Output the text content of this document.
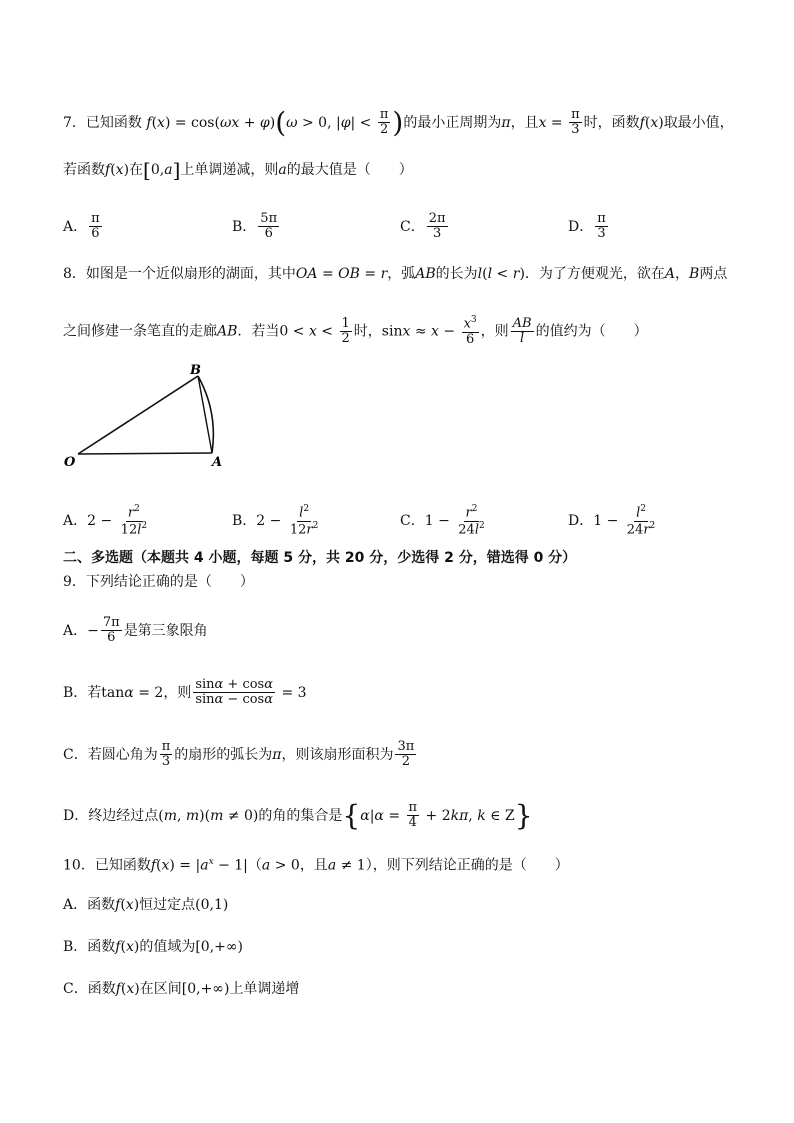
7．已知函数 f(x) = cos(ωx + φ)(ω > 0, $|\varphi| < \frac{\pi}{2}$ )的最小正周期为π，且$x = \frac{\pi}{3}$ 时，函数f(x)取最小值，
若函数f(x)在[0,a]上单调递减，则a的最大值是（　　）
A． $\frac{\pi}{6}$	B． $\frac{5\pi}{6}$	C． $\frac{2\pi}{3}$	D． $\frac{\pi}{3}$
8．如图是一个近似扇形的湖面，其中OA = OB = r，弧AB的长为l(l < r)．为了方便观光，欲在A，B两点
之间修建一条笔直的走廊AB．若当$0 < x < \frac{1}{2}$ 时，$\sin x \approx x - \frac{x^3}{6}$ ，则 $\frac{AB}{l}$ 的值约为（　　）
O	A
B
A．$2 - \frac{r^2}{12l^2}$	B．$2 - \frac{l^2}{12r^2}$	C．$1 - \frac{r^2}{24l^2}$	D．$1 - \frac{l^2}{24r^2}$
二、多选题（本题共 4 小题，每题 5 分，共 20 分，少选得 2 分，错选得 0 分）
9．下列结论正确的是（　　）
A．− $\frac{7\pi}{6}$ 是第三象限角
B．若tanα = 2，则 $\frac{\sin\alpha + \cos\alpha}{\sin\alpha - \cos\alpha} = 3$
C．若圆心角为 $\frac{\pi}{3}$ 的扇形的弧长为π，则该扇形面积为 $\frac{3\pi}{2}$
D．终边经过点(m, m)(m ≠ 0)的角的集合是{$\alpha|\alpha = \frac{\pi}{4} + 2k\pi$, k ∈ Z}
10．已知函数$f(x) = |a^x - 1|(a > 0$，且a ≠ 1），则下列结论正确的是（　　）
A．函数f(x)恒过定点(0,1)
B．函数f(x)的值域为[0,+∞)
C．函数f(x)在区间[0,+∞)上单调递增
